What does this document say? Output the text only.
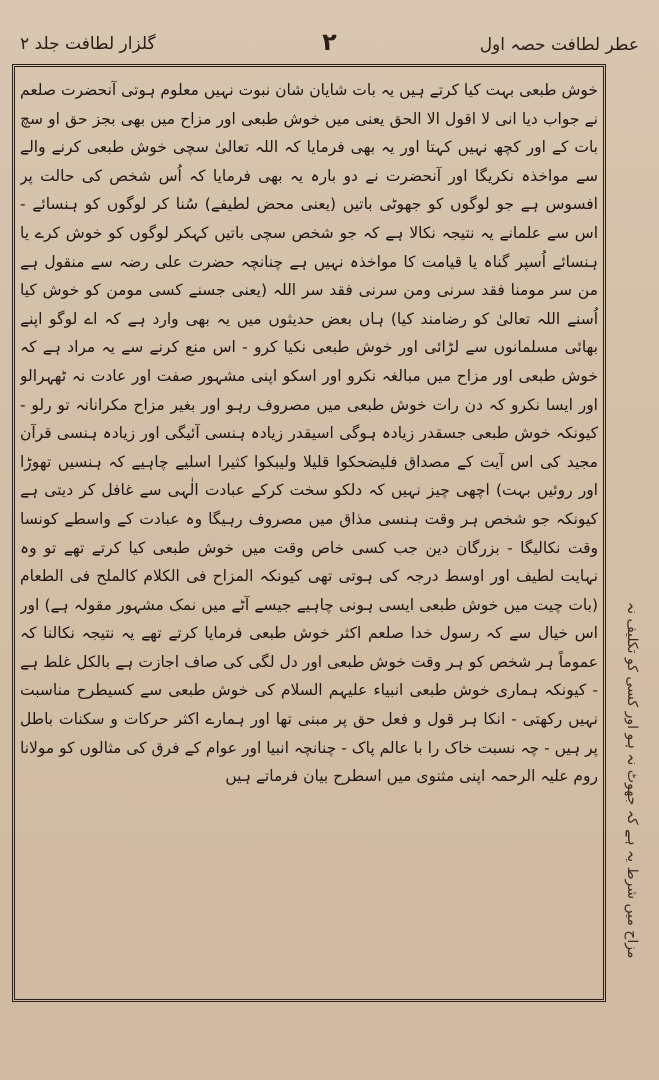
عطر لطافت حصہ اول
۲
گلزار لطافت جلد ۲
خوش طبعی بہت کیا کرتے ہیں یہ بات شایان شان نبوت نہیں معلوم ہوتی آنحضرت صلعم نے جواب دیا انی لا اقول الا الحق یعنی میں خوش طبعی اور مزاح میں بھی بجز حق او سچ بات کے اور کچھ نہیں کہتا اور یہ بھی فرمایا کہ اللہ تعالیٰ سچی خوش طبعی کرنے والے سے مواخذہ نکریگا اور آنحضرت نے دو بارہ یہ بھی فرمایا کہ اُس شخص کی حالت پر افسوس ہے جو لوگوں کو جھوٹی باتیں (یعنی محض لطیفے) سُنا کر لوگوں کو ہنسائے - اس سے علمانے یہ نتیجہ نکالا ہے کہ جو شخص سچی باتیں کہکر لوگوں کو خوش کرے یا ہنسائے اُسپر گناہ یا قیامت کا مواخذہ نہیں ہے چنانچہ حضرت علی رضہ سے منقول ہے من سر مومنا فقد سرنی ومن سرنی فقد سر اللہ (یعنی جسنے کسی مومن کو خوش کیا اُسنے اللہ تعالیٰ کو رضامند کیا) ہاں بعض حدیثوں میں یہ بھی وارد ہے کہ اے لوگو اپنے بھائی مسلمانوں سے لڑائی اور خوش طبعی نکیا کرو - اس منع کرنے سے یہ مراد ہے کہ خوش طبعی اور مزاح میں مبالغہ نکرو اور اسکو اپنی مشہور صفت اور عادت نہ ٹھہرالو اور ایسا نکرو کہ دن رات خوش طبعی میں مصروف رہو اور بغیر مزاح مکرانانہ تو رلو - کیونکہ خوش طبعی جسقدر زیادہ ہوگی اسیقدر زیادہ ہنسی آئیگی اور زیادہ ہنسی قرآن مجید کی اس آیت کے مصداق فلیضحکوا قلیلا ولیبکوا کثیرا اسلیے چاہیے کہ ہنسیں تھوڑا اور روئیں بہت) اچھی چیز نہیں کہ دلکو سخت کرکے عبادت الٰہی سے غافل کر دیتی ہے کیونکہ جو شخص ہر وقت ہنسی مذاق میں مصروف رہیگا وہ عبادت کے واسطے کونسا وقت نکالیگا - بزرگان دین جب کسی خاص وقت میں خوش طبعی کیا کرتے تھے تو وہ نہایت لطیف اور اوسط درجہ کی ہوتی تھی کیونکہ المزاح فی الکلام کالملح فی الطعام (بات چیت میں خوش طبعی ایسی ہونی چاہیے جیسے آٹے میں نمک مشہور مقولہ ہے) اور اس خیال سے کہ رسول خدا صلعم اکثر خوش طبعی فرمایا کرتے تھے یہ نتیجہ نکالنا کہ عموماً ہر شخص کو ہر وقت خوش طبعی اور دل لگی کی صاف اجازت ہے بالکل غلط ہے - کیونکہ ہماری خوش طبعی انبیاء علیہم السلام کی خوش طبعی سے کسیطرح مناسبت نہیں رکھتی - انکا ہر قول و فعل حق پر مبنی تھا اور ہمارے اکثر حرکات و سکنات باطل پر ہیں - چہ نسبت خاک را با عالم پاک - چنانچہ انبیا اور عوام کے فرق کی مثالوں کو مولانا روم علیہ الرحمہ اپنی مثنوی میں اسطرح بیان فرماتے ہیں
مزاح میں شرط یہ ہے کہ جھوٹ نہ ہو اور کسی کو تکلیف نہ
